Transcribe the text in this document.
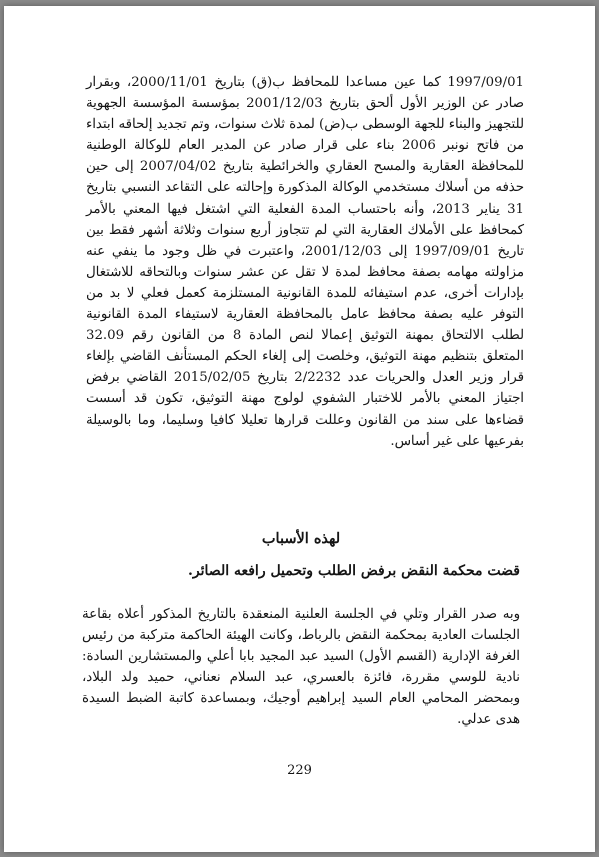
1997/09/01 كما عين مساعدا للمحافظ ب(ق) بتاريخ 2000/11/01، وبقرار صادر عن الوزير الأول ألحق بتاريخ 2001/12/03 بمؤسسة المؤسسة الجهوية للتجهيز والبناء للجهة الوسطى ب(ض) لمدة ثلاث سنوات، وتم تجديد إلحاقه ابتداء من فاتح نونبر 2006 بناء على قرار صادر عن المدير العام للوكالة الوطنية للمحافظة العقارية والمسح العقاري والخرائطية بتاريخ 2007/04/02 إلى حين حذفه من أسلاك مستخدمي الوكالة المذكورة وإحالته على التقاعد النسبي بتاريخ 31 يناير 2013، وأنه باحتساب المدة الفعلية التي اشتغل فيها المعني بالأمر كمحافظ على الأملاك العقارية التي لم تتجاوز أربع سنوات وثلاثة أشهر فقط بين تاريخ 1997/09/01 إلى 2001/12/03، واعتبرت في ظل وجود ما ينفي عنه مزاولته مهامه بصفة محافظ لمدة لا تقل عن عشر سنوات وبالتحاقه للاشتغال بإدارات أخرى، عدم استيفائه للمدة القانونية المستلزمة كعمل فعلي لا بد من التوفر عليه بصفة محافظ عامل بالمحافظة العقارية لاستيفاء المدة القانونية لطلب الالتحاق بمهنة التوثيق إعمالا لنص المادة 8 من القانون رقم 32.09 المتعلق بتنظيم مهنة التوثيق، وخلصت إلى إلغاء الحكم المستأنف القاضي بإلغاء قرار وزير العدل والحريات عدد 2/2232 بتاريخ 2015/02/05 القاضي برفض اجتياز المعني بالأمر للاختبار الشفوي لولوج مهنة التوثيق، تكون قد أسست قضاءها على سند من القانون وعللت قرارها تعليلا كافيا وسليما، وما بالوسيلة بفرعيها على غير أساس.

لهذه الأسباب
قضت محكمة النقض برفض الطلب وتحميل رافعه الصائر.

وبه صدر القرار وتلي في الجلسة العلنية المنعقدة بالتاريخ المذكور أعلاه بقاعة الجلسات العادية بمحكمة النقض بالرباط، وكانت الهيئة الحاكمة متركبة من رئيس الغرفة الإدارية (القسم الأول) السيد عبد المجيد بابا أعلي والمستشارين السادة: نادية للوسي مقررة، فائزة بالعسري، عبد السلام نعناني، حميد ولد البلاد، وبمحضر المحامي العام السيد إبراهيم أوجيك، وبمساعدة كاتبة الضبط السيدة هدى عدلي.

229
